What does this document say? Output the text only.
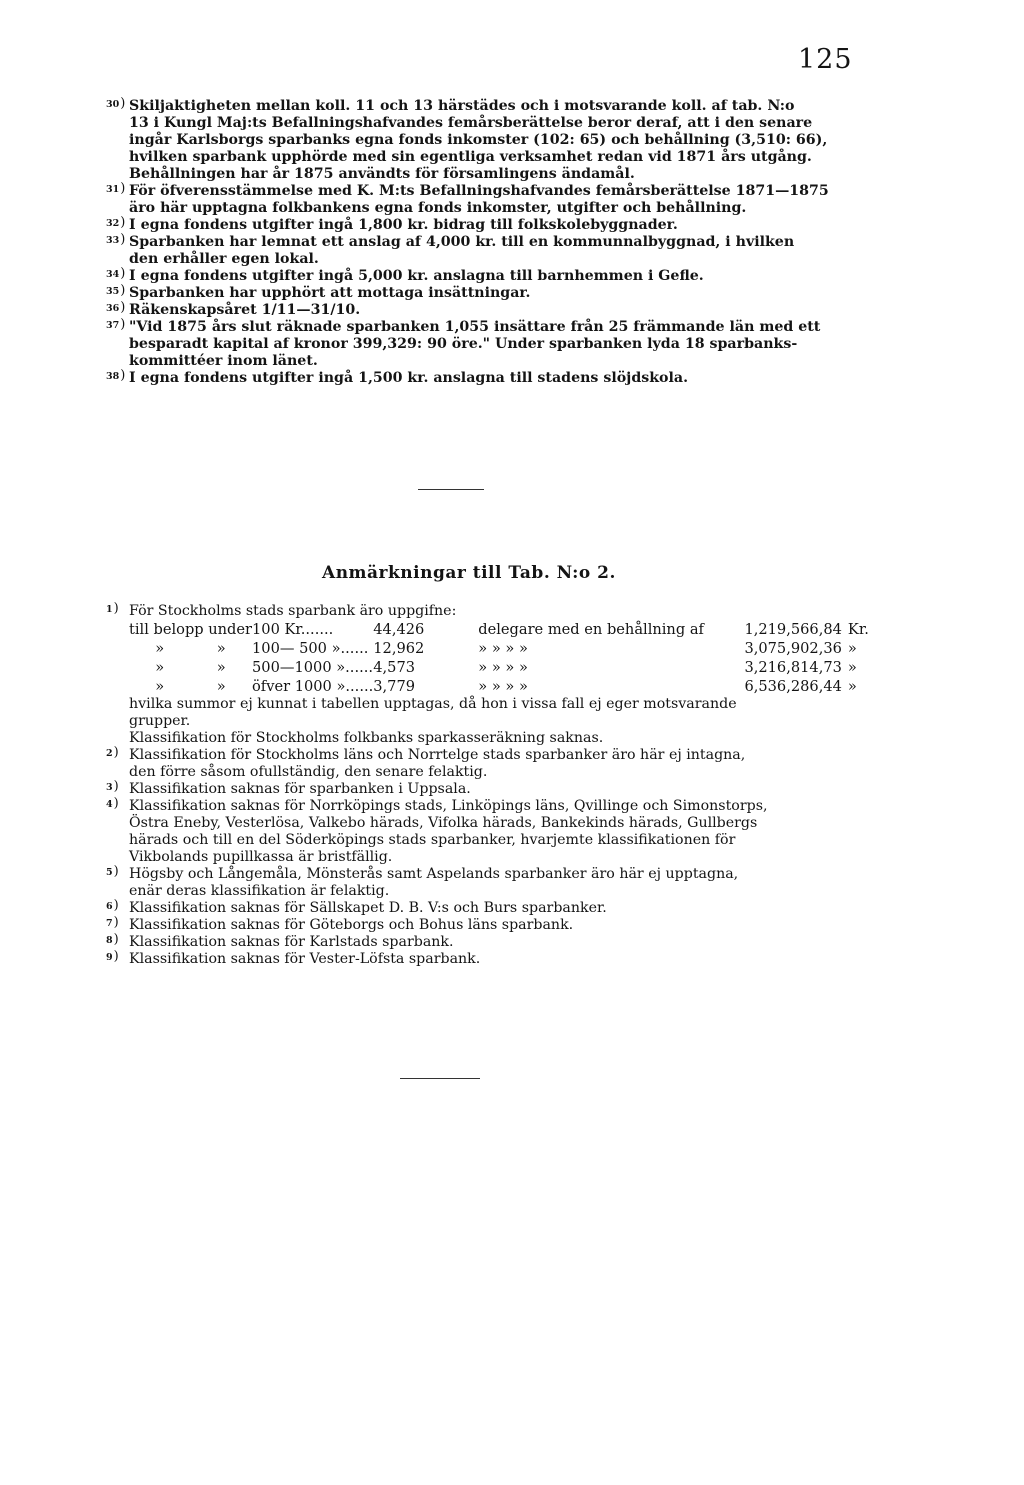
125
30 ) Skiljaktigheten mellan koll. 11 och 13 härstädes och i motsvarande koll. af tab. N:o
13 i Kungl Maj:ts Befallningshafvandes femårsberättelse beror deraf, att i den senare
ingår Karlsborgs sparbanks egna fonds inkomster (102: 65) och behållning (3,510: 66),
hvilken sparbank upphörde med sin egentliga verksamhet redan vid 1871 års utgång.
Behållningen har år 1875 användts för församlingens ändamål.
31 ) För öfverensstämmelse med K. M:ts Befallningshafvandes femårsberättelse 1871—1875
äro här upptagna folkbankens egna fonds inkomster, utgifter och behållning.
32 ) I egna fondens utgifter ingå 1,800 kr. bidrag till folkskolebyggnader.
33 ) Sparbanken har lemnat ett anslag af 4,000 kr. till en kommunnalbyggnad, i hvilken
den erhåller egen lokal.
34 ) I egna fondens utgifter ingå 5,000 kr. anslagna till barnhemmen i Gefle.
35 ) Sparbanken har upphört att mottaga insättningar.
36 ) Räkenskapsåret 1/11—31/10.
37 ) "Vid 1875 års slut räknade sparbanken 1,055 insättare från 25 främmande län med ett
besparadt kapital af kronor 399,329: 90 öre." Under sparbanken lyda 18 sparbanks-
kommittéer inom länet.
38 ) I egna fondens utgifter ingå 1,500 kr. anslagna till stadens slöjdskola.
Anmärkningar till Tab. N:o 2.
1 )	För Stockholms stads sparbank äro uppgifne:
till belopp under		100 Kr.......	44,426	delegare med en behållning af	1,219,566,84	Kr.
»	»	100— 500 »......	12,962	» » » »	3,075,902,36	»
»	»	500—1000 »......	4,573	» » » »	3,216,814,73	»
»	»	öfver 1000 »......	3,779	» » » »	6,536,286,44	»
hvilka summor ej kunnat i tabellen upptagas, då hon i vissa fall ej eger motsvarande
grupper.
Klassifikation för Stockholms folkbanks sparkasseräkning saknas.
2 )	Klassifikation för Stockholms läns och Norrtelge stads sparbanker äro här ej intagna,
den förre såsom ofullständig, den senare felaktig.
3 )	Klassifikation saknas för sparbanken i Uppsala.
4 )	Klassifikation saknas för Norrköpings stads, Linköpings läns, Qvillinge och Simonstorps,
Östra Eneby, Vesterlösa, Valkebo härads, Vifolka härads, Bankekinds härads, Gullbergs
härads och till en del Söderköpings stads sparbanker, hvarjemte klassifikationen för
Vikbolands pupillkassa är bristfällig.
5 )	Högsby och Långemåla, Mönsterås samt Aspelands sparbanker äro här ej upptagna,
enär deras klassifikation är felaktig.
6 )	Klassifikation saknas för Sällskapet D. B. V:s och Burs sparbanker.
7 )	Klassifikation saknas för Göteborgs och Bohus läns sparbank.
8 )	Klassifikation saknas för Karlstads sparbank.
9 )	Klassifikation saknas för Vester-Löfsta sparbank.
